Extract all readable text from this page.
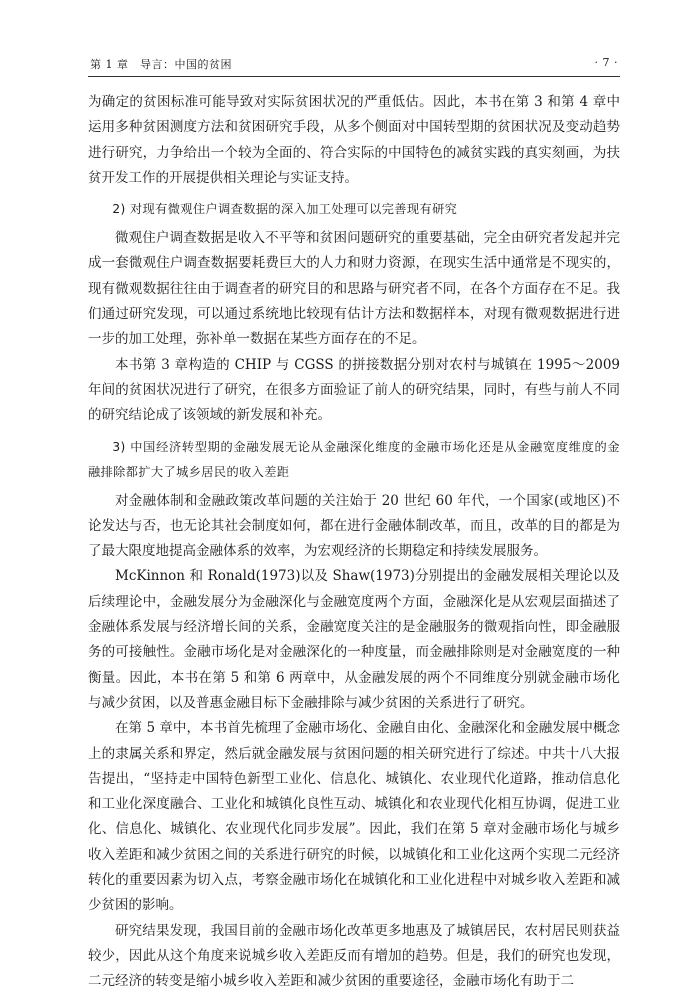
第 1 章　导言：中国的贫困	· 7 ·

为确定的贫困标准可能导致对实际贫困状况的严重低估。因此，本书在第 3 和第 4 章中运用多种贫困测度方法和贫困研究手段，从多个侧面对中国转型期的贫困状况及变动趋势进行研究，力争给出一个较为全面的、符合实际的中国特色的减贫实践的真实刻画，为扶贫开发工作的开展提供相关理论与实证支持。

2) 对现有微观住户调查数据的深入加工处理可以完善现有研究

微观住户调查数据是收入不平等和贫困问题研究的重要基础，完全由研究者发起并完成一套微观住户调查数据要耗费巨大的人力和财力资源，在现实生活中通常是不现实的，现有微观数据往往由于调查者的研究目的和思路与研究者不同，在各个方面存在不足。我们通过研究发现，可以通过系统地比较现有估计方法和数据样本，对现有微观数据进行进一步的加工处理，弥补单一数据在某些方面存在的不足。

本书第 3 章构造的 CHIP 与 CGSS 的拼接数据分别对农村与城镇在 1995～2009 年间的贫困状况进行了研究，在很多方面验证了前人的研究结果，同时，有些与前人不同的研究结论成了该领域的新发展和补充。

3) 中国经济转型期的金融发展无论从金融深化维度的金融市场化还是从金融宽度维度的金融排除都扩大了城乡居民的收入差距

对金融体制和金融政策改革问题的关注始于 20 世纪 60 年代，一个国家(或地区)不论发达与否，也无论其社会制度如何，都在进行金融体制改革，而且，改革的目的都是为了最大限度地提高金融体系的效率，为宏观经济的长期稳定和持续发展服务。

McKinnon 和 Ronald(1973)以及 Shaw(1973)分别提出的金融发展相关理论以及后续理论中，金融发展分为金融深化与金融宽度两个方面，金融深化是从宏观层面描述了金融体系发展与经济增长间的关系，金融宽度关注的是金融服务的微观指向性，即金融服务的可接触性。金融市场化是对金融深化的一种度量，而金融排除则是对金融宽度的一种衡量。因此，本书在第 5 和第 6 两章中，从金融发展的两个不同维度分别就金融市场化与减少贫困，以及普惠金融目标下金融排除与减少贫困的关系进行了研究。

在第 5 章中，本书首先梳理了金融市场化、金融自由化、金融深化和金融发展中概念上的隶属关系和界定，然后就金融发展与贫困问题的相关研究进行了综述。中共十八大报告提出，“坚持走中国特色新型工业化、信息化、城镇化、农业现代化道路，推动信息化和工业化深度融合、工业化和城镇化良性互动、城镇化和农业现代化相互协调，促进工业化、信息化、城镇化、农业现代化同步发展”。因此，我们在第 5 章对金融市场化与城乡收入差距和减少贫困之间的关系进行研究的时候，以城镇化和工业化这两个实现二元经济转化的重要因素为切入点，考察金融市场化在城镇化和工业化进程中对城乡收入差距和减少贫困的影响。

研究结果发现，我国目前的金融市场化改革更多地惠及了城镇居民，农村居民则获益较少，因此从这个角度来说城乡收入差距反而有增加的趋势。但是，我们的研究也发现，二元经济的转变是缩小城乡收入差距和减少贫困的重要途径，金融市场化有助于二
